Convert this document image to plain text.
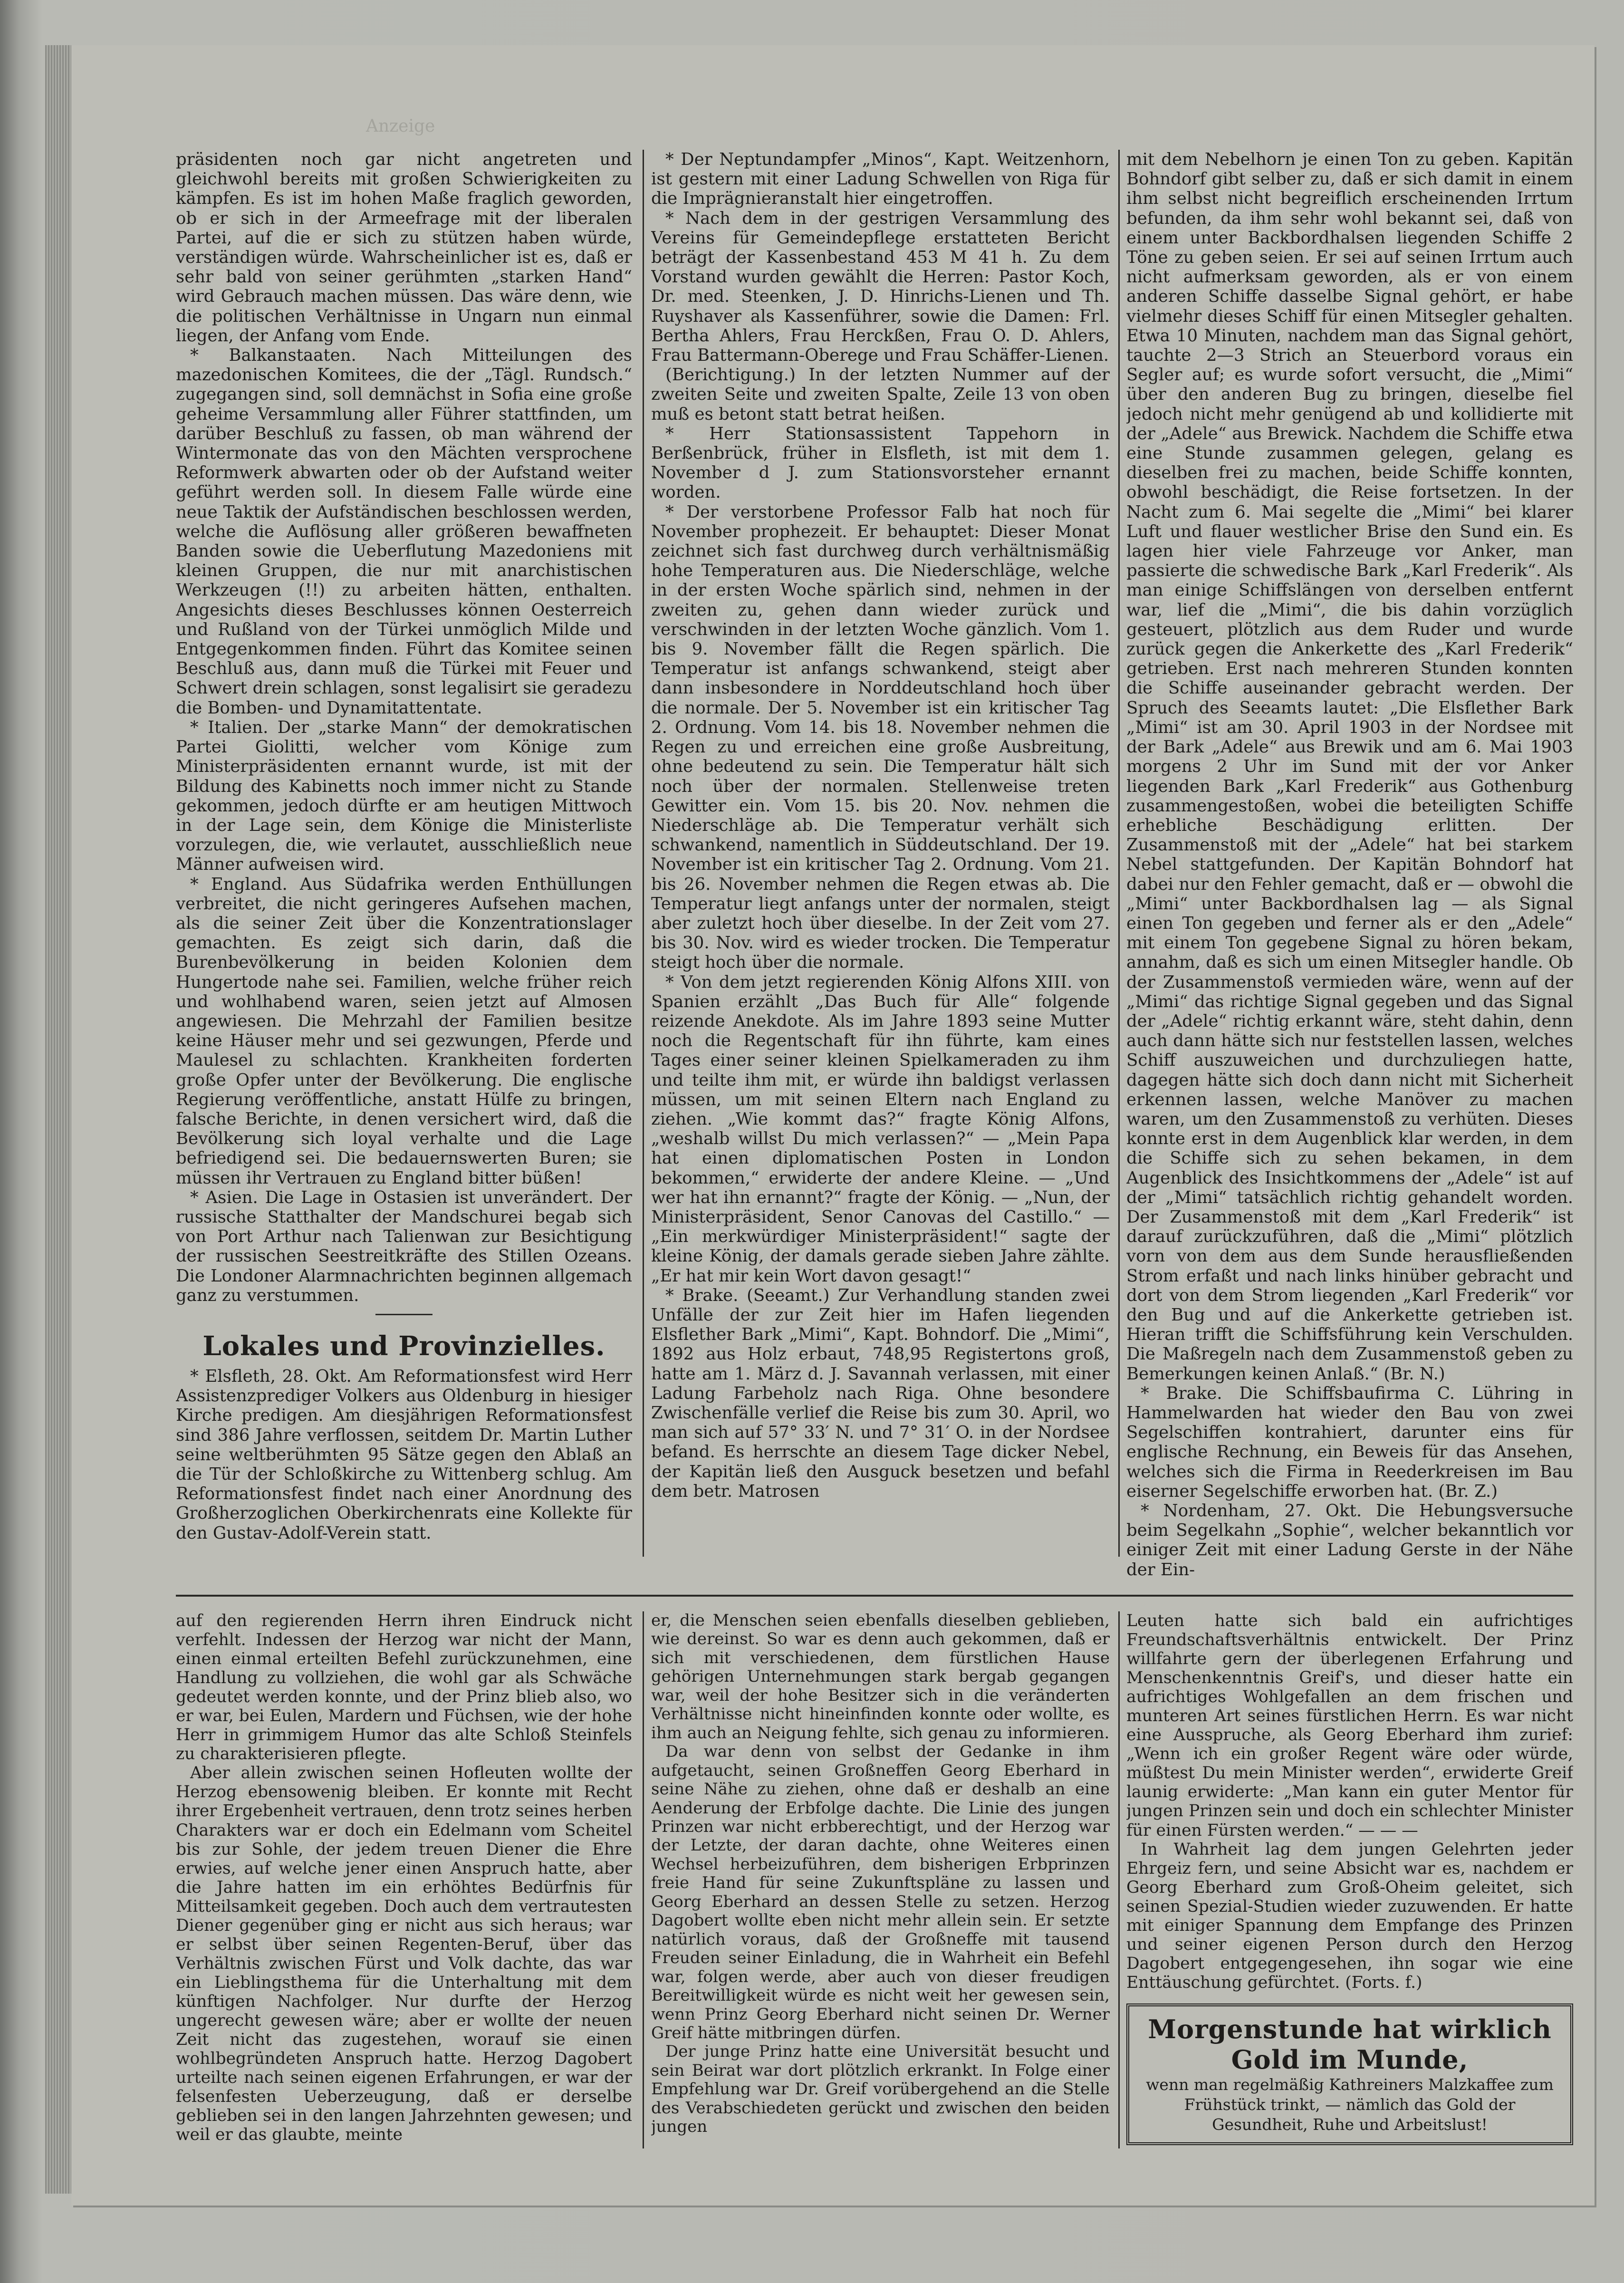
Anzeige

präsidenten noch gar nicht angetreten und gleichwohl bereits mit großen Schwierigkeiten zu kämpfen. Es ist im hohen Maße fraglich geworden, ob er sich in der Armeefrage mit der liberalen Partei, auf die er sich zu stützen haben würde, verständigen würde. Wahrscheinlicher ist es, daß er sehr bald von seiner gerühmten „starken Hand“ wird Gebrauch machen müssen. Das wäre denn, wie die politischen Verhältnisse in Ungarn nun einmal liegen, der Anfang vom Ende.

* Balkanstaaten. Nach Mitteilungen des mazedonischen Komitees, die der „Tägl. Rundsch.“ zugegangen sind, soll demnächst in Sofia eine große geheime Versammlung aller Führer stattfinden, um darüber Beschluß zu fassen, ob man während der Wintermonate das von den Mächten versprochene Reformwerk abwarten oder ob der Aufstand weiter geführt werden soll. In diesem Falle würde eine neue Taktik der Aufständischen beschlossen werden, welche die Auflösung aller größeren bewaffneten Banden sowie die Ueberflutung Mazedoniens mit kleinen Gruppen, die nur mit anarchistischen Werkzeugen (!!) zu arbeiten hätten, enthalten. Angesichts dieses Beschlusses können Oesterreich und Rußland von der Türkei unmöglich Milde und Entgegenkommen finden. Führt das Komitee seinen Beschluß aus, dann muß die Türkei mit Feuer und Schwert drein schlagen, sonst legalisirt sie geradezu die Bomben- und Dynamitattentate.

* Italien. Der „starke Mann“ der demokratischen Partei Giolitti, welcher vom Könige zum Ministerpräsidenten ernannt wurde, ist mit der Bildung des Kabinetts noch immer nicht zu Stande gekommen, jedoch dürfte er am heutigen Mittwoch in der Lage sein, dem Könige die Ministerliste vorzulegen, die, wie verlautet, ausschließlich neue Männer aufweisen wird.

* England. Aus Südafrika werden Enthüllungen verbreitet, die nicht geringeres Aufsehen machen, als die seiner Zeit über die Konzentrationslager gemachten. Es zeigt sich darin, daß die Burenbevölkerung in beiden Kolonien dem Hungertode nahe sei. Familien, welche früher reich und wohlhabend waren, seien jetzt auf Almosen angewiesen. Die Mehrzahl der Familien besitze keine Häuser mehr und sei gezwungen, Pferde und Maulesel zu schlachten. Krankheiten forderten große Opfer unter der Bevölkerung. Die englische Regierung veröffentliche, anstatt Hülfe zu bringen, falsche Berichte, in denen versichert wird, daß die Bevölkerung sich loyal verhalte und die Lage befriedigend sei. Die bedauernswerten Buren; sie müssen ihr Vertrauen zu England bitter büßen!

* Asien. Die Lage in Ostasien ist unverändert. Der russische Statthalter der Mandschurei begab sich von Port Arthur nach Talienwan zur Besichtigung der russischen Seestreitkräfte des Stillen Ozeans. Die Londoner Alarmnachrichten beginnen allgemach ganz zu verstummen.

Lokales und Provinzielles.

* Elsfleth, 28. Okt. Am Reformationsfest wird Herr Assistenzprediger Volkers aus Oldenburg in hiesiger Kirche predigen. Am diesjährigen Reformationsfest sind 386 Jahre verflossen, seitdem Dr. Martin Luther seine weltberühmten 95 Sätze gegen den Ablaß an die Tür der Schloßkirche zu Wittenberg schlug. Am Reformationsfest findet nach einer Anordnung des Großherzoglichen Oberkirchenrats eine Kollekte für den Gustav-Adolf-Verein statt.

* Der Neptundampfer „Minos“, Kapt. Weitzenhorn, ist gestern mit einer Ladung Schwellen von Riga für die Imprägnieranstalt hier eingetroffen.

* Nach dem in der gestrigen Versammlung des Vereins für Gemeindepflege erstatteten Bericht beträgt der Kassenbestand 453 M 41 h. Zu dem Vorstand wurden gewählt die Herren: Pastor Koch, Dr. med. Steenken, J. D. Hinrichs-Lienen und Th. Ruyshaver als Kassenführer, sowie die Damen: Frl. Bertha Ahlers, Frau Herckßen, Frau O. D. Ahlers, Frau Battermann-Oberege und Frau Schäffer-Lienen.

(Berichtigung.) In der letzten Nummer auf der zweiten Seite und zweiten Spalte, Zeile 13 von oben muß es betont statt betrat heißen.

* Herr Stationsassistent Tappehorn in Berßenbrück, früher in Elsfleth, ist mit dem 1. November d J. zum Stationsvorsteher ernannt worden.

* Der verstorbene Professor Falb hat noch für November prophezeit. Er behauptet: Dieser Monat zeichnet sich fast durchweg durch verhältnismäßig hohe Temperaturen aus. Die Niederschläge, welche in der ersten Woche spärlich sind, nehmen in der zweiten zu, gehen dann wieder zurück und verschwinden in der letzten Woche gänzlich. Vom 1. bis 9. November fällt die Regen spärlich. Die Temperatur ist anfangs schwankend, steigt aber dann insbesondere in Norddeutschland hoch über die normale. Der 5. November ist ein kritischer Tag 2. Ordnung. Vom 14. bis 18. November nehmen die Regen zu und erreichen eine große Ausbreitung, ohne bedeutend zu sein. Die Temperatur hält sich noch über der normalen. Stellenweise treten Gewitter ein. Vom 15. bis 20. Nov. nehmen die Niederschläge ab. Die Temperatur verhält sich schwankend, namentlich in Süddeutschland. Der 19. November ist ein kritischer Tag 2. Ordnung. Vom 21. bis 26. November nehmen die Regen etwas ab. Die Temperatur liegt anfangs unter der normalen, steigt aber zuletzt hoch über dieselbe. In der Zeit vom 27. bis 30. Nov. wird es wieder trocken. Die Temperatur steigt hoch über die normale.

* Von dem jetzt regierenden König Alfons XIII. von Spanien erzählt „Das Buch für Alle“ folgende reizende Anekdote. Als im Jahre 1893 seine Mutter noch die Regentschaft für ihn führte, kam eines Tages einer seiner kleinen Spielkameraden zu ihm und teilte ihm mit, er würde ihn baldigst verlassen müssen, um mit seinen Eltern nach England zu ziehen. „Wie kommt das?“ fragte König Alfons, „weshalb willst Du mich verlassen?“ — „Mein Papa hat einen diplomatischen Posten in London bekommen,“ erwiderte der andere Kleine. — „Und wer hat ihn ernannt?“ fragte der König. — „Nun, der Ministerpräsident, Senor Canovas del Castillo.“ — „Ein merkwürdiger Ministerpräsident!“ sagte der kleine König, der damals gerade sieben Jahre zählte. „Er hat mir kein Wort davon gesagt!“

* Brake. (Seeamt.) Zur Verhandlung standen zwei Unfälle der zur Zeit hier im Hafen liegenden Elsflether Bark „Mimi“, Kapt. Bohndorf. Die „Mimi“, 1892 aus Holz erbaut, 748,95 Registertons groß, hatte am 1. März d. J. Savannah verlassen, mit einer Ladung Farbeholz nach Riga. Ohne besondere Zwischenfälle verlief die Reise bis zum 30. April, wo man sich auf 57° 33′ N. und 7° 31′ O. in der Nordsee befand. Es herrschte an diesem Tage dicker Nebel, der Kapitän ließ den Ausguck besetzen und befahl dem betr. Matrosen

mit dem Nebelhorn je einen Ton zu geben. Kapitän Bohndorf gibt selber zu, daß er sich damit in einem ihm selbst nicht begreiflich erscheinenden Irrtum befunden, da ihm sehr wohl bekannt sei, daß von einem unter Backbordhalsen liegenden Schiffe 2 Töne zu geben seien. Er sei auf seinen Irrtum auch nicht aufmerksam geworden, als er von einem anderen Schiffe dasselbe Signal gehört, er habe vielmehr dieses Schiff für einen Mitsegler gehalten. Etwa 10 Minuten, nachdem man das Signal gehört, tauchte 2—3 Strich an Steuerbord voraus ein Segler auf; es wurde sofort versucht, die „Mimi“ über den anderen Bug zu bringen, dieselbe fiel jedoch nicht mehr genügend ab und kollidierte mit der „Adele“ aus Brewick. Nachdem die Schiffe etwa eine Stunde zusammen gelegen, gelang es dieselben frei zu machen, beide Schiffe konnten, obwohl beschädigt, die Reise fortsetzen. In der Nacht zum 6. Mai segelte die „Mimi“ bei klarer Luft und flauer westlicher Brise den Sund ein. Es lagen hier viele Fahrzeuge vor Anker, man passierte die schwedische Bark „Karl Frederik“. Als man einige Schiffslängen von derselben entfernt war, lief die „Mimi“, die bis dahin vorzüglich gesteuert, plötzlich aus dem Ruder und wurde zurück gegen die Ankerkette des „Karl Frederik“ getrieben. Erst nach mehreren Stunden konnten die Schiffe auseinander gebracht werden. Der Spruch des Seeamts lautet: „Die Elsflether Bark „Mimi“ ist am 30. April 1903 in der Nordsee mit der Bark „Adele“ aus Brewik und am 6. Mai 1903 morgens 2 Uhr im Sund mit der vor Anker liegenden Bark „Karl Frederik“ aus Gothenburg zusammengestoßen, wobei die beteiligten Schiffe erhebliche Beschädigung erlitten. Der Zusammenstoß mit der „Adele“ hat bei starkem Nebel stattgefunden. Der Kapitän Bohndorf hat dabei nur den Fehler gemacht, daß er — obwohl die „Mimi“ unter Backbordhalsen lag — als Signal einen Ton gegeben und ferner als er den „Adele“ mit einem Ton gegebene Signal zu hören bekam, annahm, daß es sich um einen Mitsegler handle. Ob der Zusammenstoß vermieden wäre, wenn auf der „Mimi“ das richtige Signal gegeben und das Signal der „Adele“ richtig erkannt wäre, steht dahin, denn auch dann hätte sich nur feststellen lassen, welches Schiff auszuweichen und durchzuliegen hatte, dagegen hätte sich doch dann nicht mit Sicherheit erkennen lassen, welche Manöver zu machen waren, um den Zusammenstoß zu verhüten. Dieses konnte erst in dem Augenblick klar werden, in dem die Schiffe sich zu sehen bekamen, in dem Augenblick des Insichtkommens der „Adele“ ist auf der „Mimi“ tatsächlich richtig gehandelt worden. Der Zusammenstoß mit dem „Karl Frederik“ ist darauf zurückzuführen, daß die „Mimi“ plötzlich vorn von dem aus dem Sunde herausfließenden Strom erfaßt und nach links hinüber gebracht und dort von dem Strom liegenden „Karl Frederik“ vor den Bug und auf die Ankerkette getrieben ist. Hieran trifft die Schiffsführung kein Verschulden. Die Maßregeln nach dem Zusammenstoß geben zu Bemerkungen keinen Anlaß.“ (Br. N.)

* Brake. Die Schiffsbaufirma C. Lühring in Hammelwarden hat wieder den Bau von zwei Segelschiffen kontrahiert, darunter eins für englische Rechnung, ein Beweis für das Ansehen, welches sich die Firma in Reederkreisen im Bau eiserner Segelschiffe erworben hat. (Br. Z.)

* Nordenham, 27. Okt. Die Hebungsversuche beim Segelkahn „Sophie“, welcher bekanntlich vor einiger Zeit mit einer Ladung Gerste in der Nähe der Ein-

auf den regierenden Herrn ihren Eindruck nicht verfehlt. Indessen der Herzog war nicht der Mann, einen einmal erteilten Befehl zurückzunehmen, eine Handlung zu vollziehen, die wohl gar als Schwäche gedeutet werden konnte, und der Prinz blieb also, wo er war, bei Eulen, Mardern und Füchsen, wie der hohe Herr in grimmigem Humor das alte Schloß Steinfels zu charakterisieren pflegte.

Aber allein zwischen seinen Hofleuten wollte der Herzog ebensowenig bleiben. Er konnte mit Recht ihrer Ergebenheit vertrauen, denn trotz seines herben Charakters war er doch ein Edelmann vom Scheitel bis zur Sohle, der jedem treuen Diener die Ehre erwies, auf welche jener einen Anspruch hatte, aber die Jahre hatten im ein erhöhtes Bedürfnis für Mitteilsamkeit gegeben. Doch auch dem vertrautesten Diener gegenüber ging er nicht aus sich heraus; war er selbst über seinen Regenten-Beruf, über das Verhältnis zwischen Fürst und Volk dachte, das war ein Lieblingsthema für die Unterhaltung mit dem künftigen Nachfolger. Nur durfte der Herzog ungerecht gewesen wäre; aber er wollte der neuen Zeit nicht das zugestehen, worauf sie einen wohlbegründeten Anspruch hatte. Herzog Dagobert urteilte nach seinen eigenen Erfahrungen, er war der felsenfesten Ueberzeugung, daß er derselbe geblieben sei in den langen Jahrzehnten gewesen; und weil er das glaubte, meinte

er, die Menschen seien ebenfalls dieselben geblieben, wie dereinst. So war es denn auch gekommen, daß er sich mit verschiedenen, dem fürstlichen Hause gehörigen Unternehmungen stark bergab gegangen war, weil der hohe Besitzer sich in die veränderten Verhältnisse nicht hineinfinden konnte oder wollte, es ihm auch an Neigung fehlte, sich genau zu informieren.

Da war denn von selbst der Gedanke in ihm aufgetaucht, seinen Großneffen Georg Eberhard in seine Nähe zu ziehen, ohne daß er deshalb an eine Aenderung der Erbfolge dachte. Die Linie des jungen Prinzen war nicht erbberechtigt, und der Herzog war der Letzte, der daran dachte, ohne Weiteres einen Wechsel herbeizuführen, dem bisherigen Erbprinzen freie Hand für seine Zukunftspläne zu lassen und Georg Eberhard an dessen Stelle zu setzen. Herzog Dagobert wollte eben nicht mehr allein sein. Er setzte natürlich voraus, daß der Großneffe mit tausend Freuden seiner Einladung, die in Wahrheit ein Befehl war, folgen werde, aber auch von dieser freudigen Bereitwilligkeit würde es nicht weit her gewesen sein, wenn Prinz Georg Eberhard nicht seinen Dr. Werner Greif hätte mitbringen dürfen.

Der junge Prinz hatte eine Universität besucht und sein Beirat war dort plötzlich erkrankt. In Folge einer Empfehlung war Dr. Greif vorübergehend an die Stelle des Verabschiedeten gerückt und zwischen den beiden jungen

Leuten hatte sich bald ein aufrichtiges Freundschaftsverhältnis entwickelt. Der Prinz willfahrte gern der überlegenen Erfahrung und Menschenkenntnis Greif's, und dieser hatte ein aufrichtiges Wohlgefallen an dem frischen und munteren Art seines fürstlichen Herrn. Es war nicht eine Ausspruche, als Georg Eberhard ihm zurief: „Wenn ich ein großer Regent wäre oder würde, müßtest Du mein Minister werden“, erwiderte Greif launig erwiderte: „Man kann ein guter Mentor für jungen Prinzen sein und doch ein schlechter Minister für einen Fürsten werden.“ — — —

In Wahrheit lag dem jungen Gelehrten jeder Ehrgeiz fern, und seine Absicht war es, nachdem er Georg Eberhard zum Groß-Oheim geleitet, sich seinen Spezial-Studien wieder zuzuwenden. Er hatte mit einiger Spannung dem Empfange des Prinzen und seiner eigenen Person durch den Herzog Dagobert entgegengesehen, ihn sogar wie eine Enttäuschung gefürchtet. (Forts. f.)

Morgenstunde hat wirklich Gold im Munde,
wenn man regelmäßig Kathreiners Malzkaffee zum Frühstück trinkt, — nämlich das Gold der Gesundheit, Ruhe und Arbeitslust!
